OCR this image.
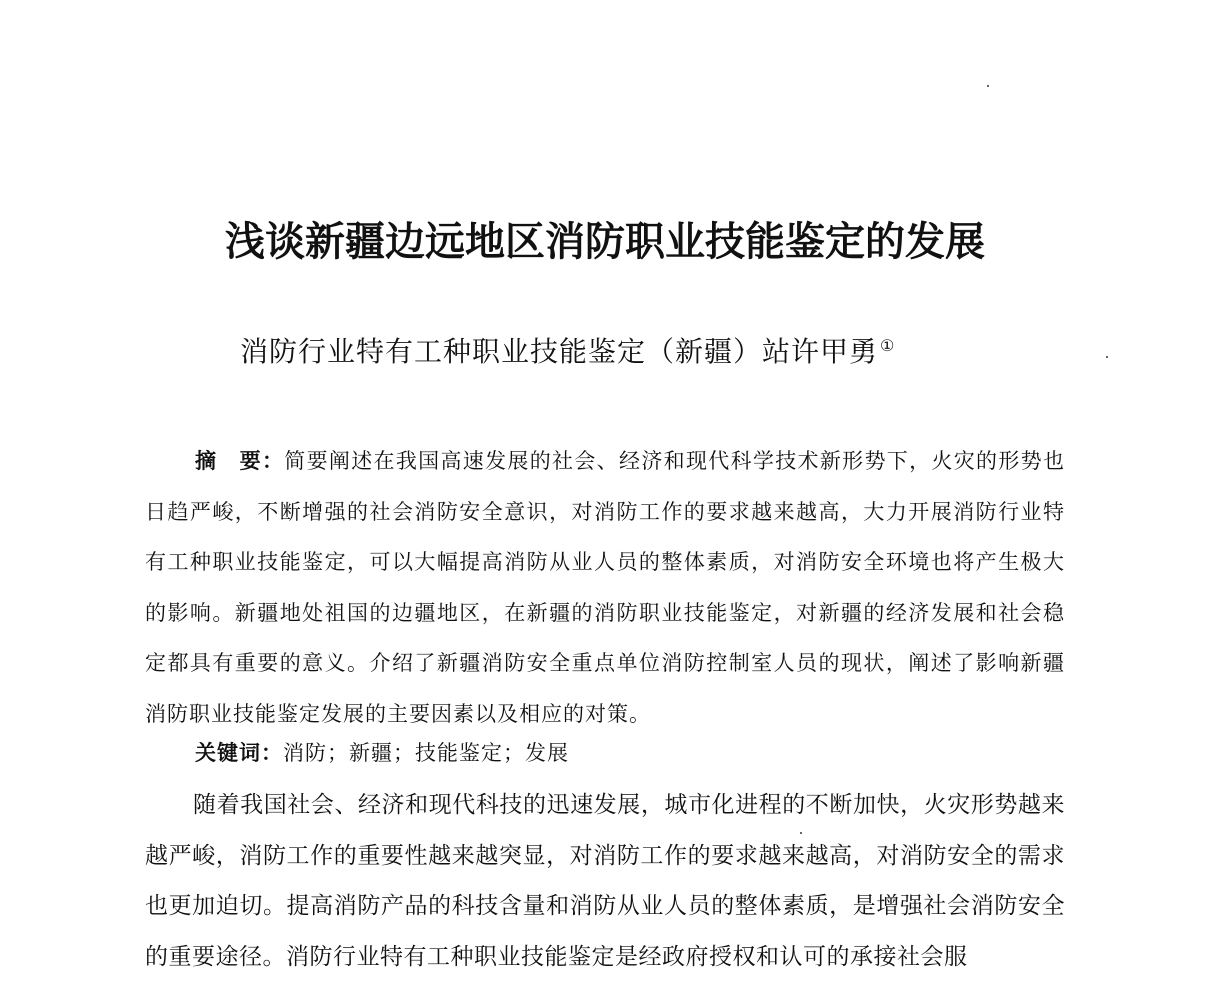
浅谈新疆边远地区消防职业技能鉴定的发展
消防行业特有工种职业技能鉴定（新疆）站许甲勇 ①
摘　要：简要阐述在我国高速发展的社会、经济和现代科学技术新形势下，火灾的形势也日趋严峻，不断增强的社会消防安全意识，对消防工作的要求越来越高，大力开展消防行业特有工种职业技能鉴定，可以大幅提高消防从业人员的整体素质，对消防安全环境也将产生极大的影响。新疆地处祖国的边疆地区，在新疆的消防职业技能鉴定，对新疆的经济发展和社会稳定都具有重要的意义。介绍了新疆消防安全重点单位消防控制室人员的现状，阐述了影响新疆消防职业技能鉴定发展的主要因素以及相应的对策。
关键词：消防；新疆；技能鉴定；发展
随着我国社会、经济和现代科技的迅速发展，城市化进程的不断加快，火灾形势越来越严峻，消防工作的重要性越来越突显，对消防工作的要求越来越高，对消防安全的需求也更加迫切。提高消防产品的科技含量和消防从业人员的整体素质，是增强社会消防安全的重要途径。消防行业特有工种职业技能鉴定是经政府授权和认可的承接社会服
